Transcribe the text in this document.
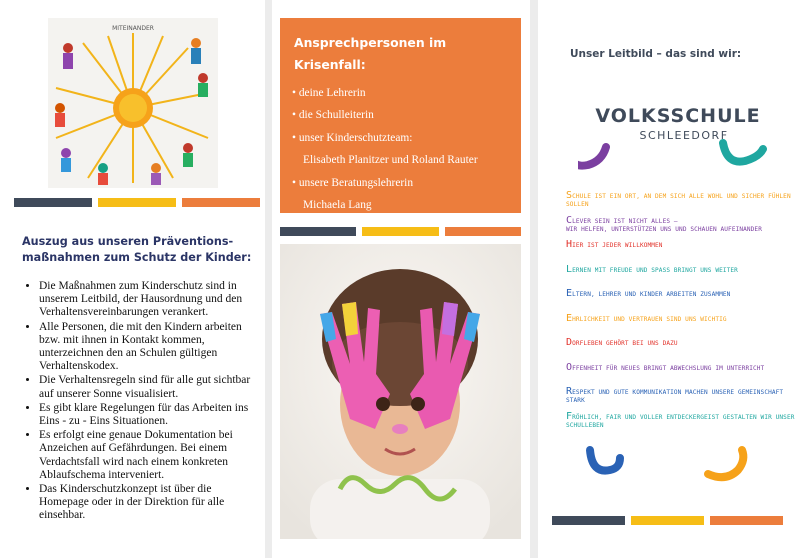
MITEINANDER
Auszug aus unseren Präventions-maßnahmen zum Schutz der Kinder:
• Die Maßnahmen zum Kinderschutz sind in unserem Leitbild, der Hausordnung und den Verhaltensvereinbarungen verankert.
• Alle Personen, die mit den Kindern arbeiten bzw. mit ihnen in Kontakt kommen, unterzeichnen den an Schulen gültigen Verhaltenskodex.
• Die Verhaltensregeln sind für alle gut sichtbar auf unserer Sonne visualisiert.
• Es gibt klare Regelungen für das Arbeiten ins Eins - zu - Eins Situationen.
• Es erfolgt eine genaue Dokumentation bei Anzeichen auf Gefährdungen. Bei einem Verdachtsfall wird nach einem konkreten Ablaufschema interveniert.
• Das Kinderschutzkonzept ist über die Homepage oder in der Direktion für alle einsehbar.
Ansprechpersonen im Krisenfall:
• deine Lehrerin
• die Schulleiterin
• unser Kinderschutzteam:
Elisabeth Planitzer und Roland Rauter
• unsere Beratungslehrerin
Michaela Lang
Unser Leitbild – das sind wir:
VOLKSSCHULE
SCHLEEDORF
SCHULE IST EIN ORT, AN DEM SICH ALLE WOHL UND SICHER FÜHLEN SOLLEN
CLEVER SEIN IST NICHT ALLES –
WIR HELFEN, UNTERSTÜTZEN UNS UND SCHAUEN AUFEINANDER
HIER IST JEDER WILLKOMMEN
LERNEN MIT FREUDE UND SPASS BRINGT UNS WEITER
ELTERN, LEHRER UND KINDER ARBEITEN ZUSAMMEN
EHRLICHKEIT UND VERTRAUEN SIND UNS WICHTIG
DORFLEBEN GEHÖRT BEI UNS DAZU
OFFENHEIT FÜR NEUES BRINGT ABWECHSLUNG IM UNTERRICHT
RESPEKT UND GUTE KOMMUNIKATION MACHEN UNSERE GEMEINSCHAFT STARK
FRÖHLICH, FAIR UND VOLLER ENTDECKERGEIST GESTALTEN WIR UNSER SCHULLEBEN
